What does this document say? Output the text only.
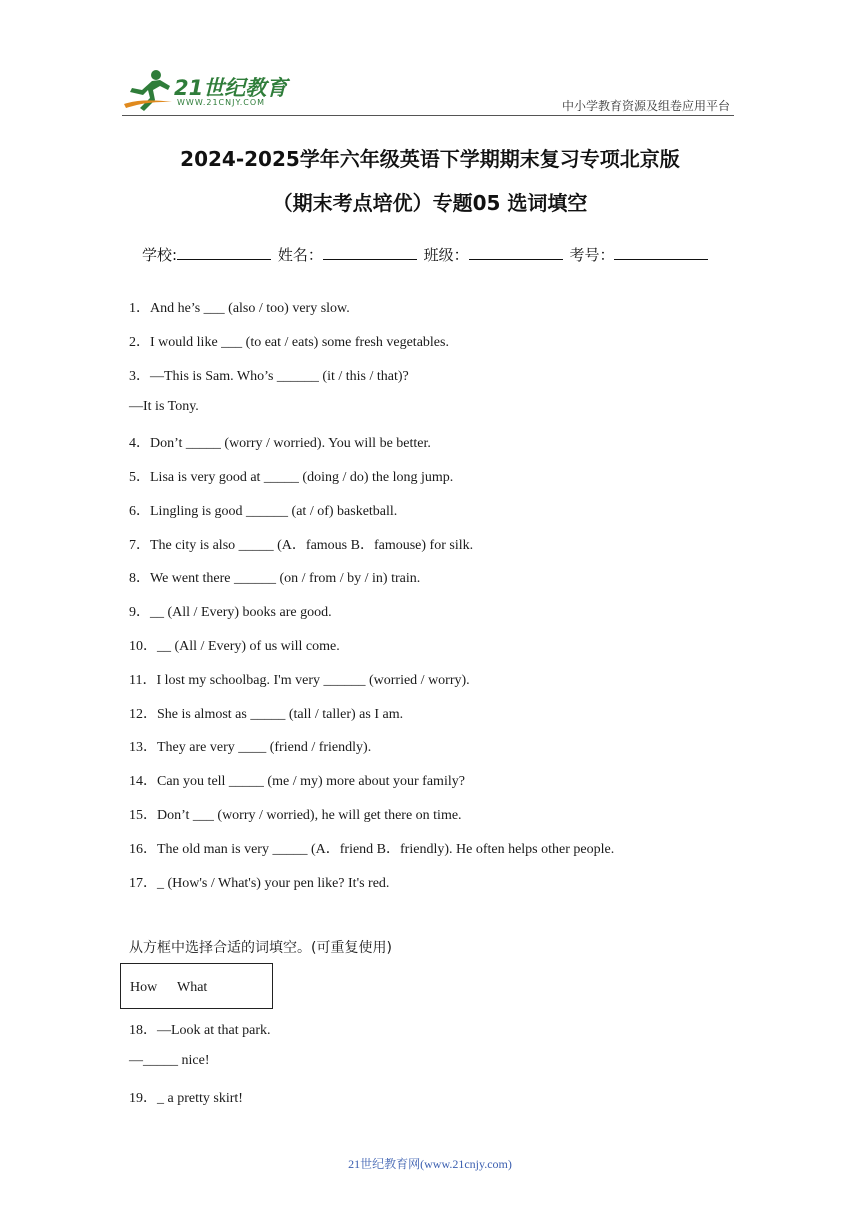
21世纪教育
WWW.21CNJY.COM	中小学教育资源及组卷应用平台
2024-2025学年六年级英语下学期期末复习专项北京版
（期末考点培优）专题05 选词填空
学校:	姓名：	班级：	考号：
1．And he’s ___ (also / too) very slow.
2．I would like ___ (to eat / eats) some fresh vegetables.
3．—This is Sam. Who’s ______ (it / this / that)?
—It is Tony.
4．Don’t _____ (worry / worried). You will be better.
5．Lisa is very good at _____ (doing / do) the long jump.
6．Lingling is good ______ (at / of) basketball.
7．The city is also _____ (A．famous B．famouse) for silk.
8．We went there ______ (on / from / by / in) train.
9．__ (All / Every) books are good.
10．__ (All / Every) of us will come.
11．I lost my schoolbag. I'm very ______ (worried / worry).
12．She is almost as _____ (tall / taller) as I am.
13．They are very ____ (friend / friendly).
14．Can you tell _____ (me / my) more about your family?
15．Don’t ___ (worry / worried), he will get there on time.
16．The old man is very _____ (A．friend B．friendly). He often helps other people.
17．_ (How's / What's) your pen like? It's red.
从方框中选择合适的词填空。(可重复使用)
How What
18．—Look at that park.
—_____ nice!
19．_ a pretty skirt!
21世纪教育网(www.21cnjy.com)
